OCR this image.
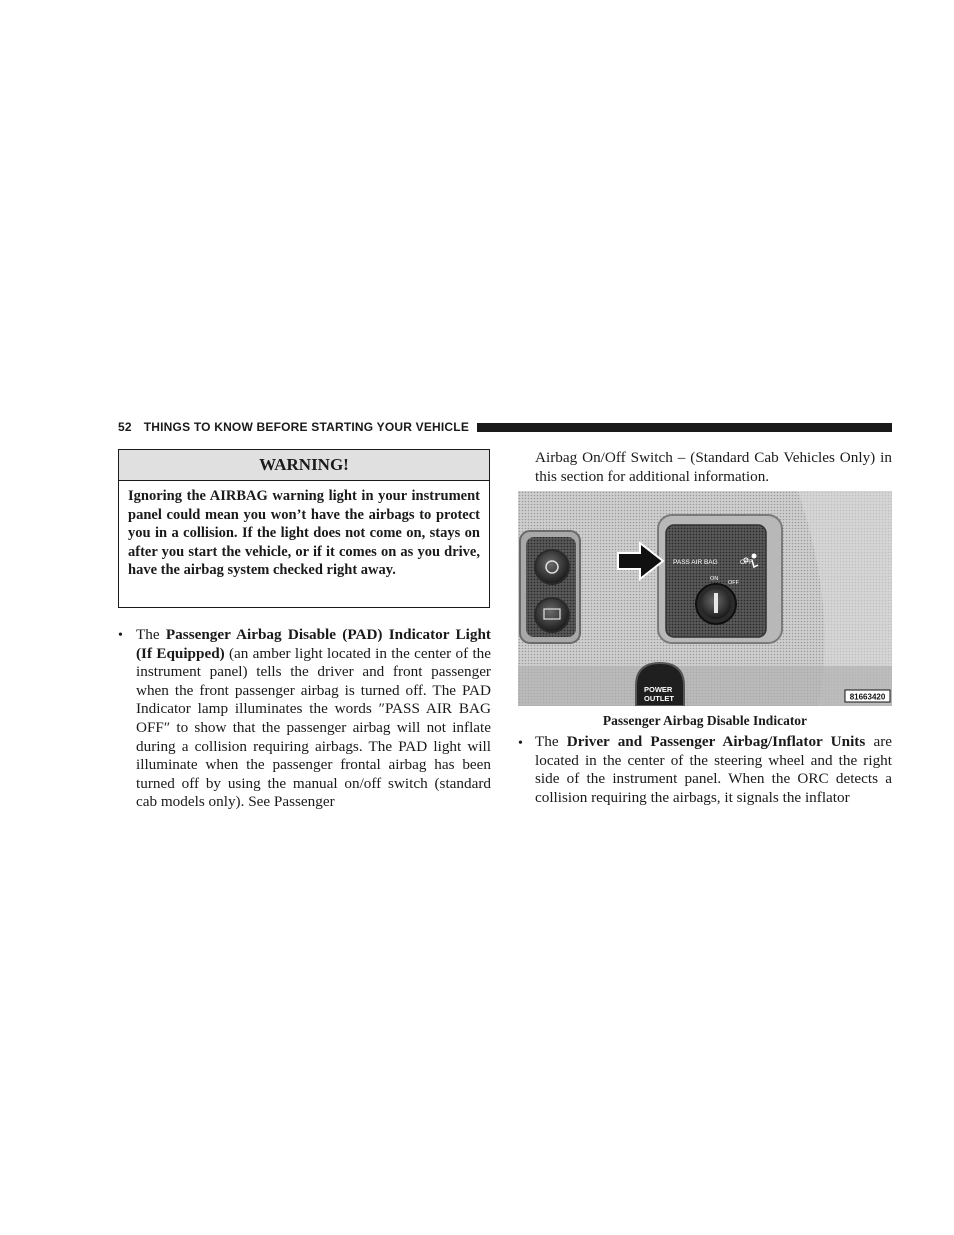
52 THINGS TO KNOW BEFORE STARTING YOUR VEHICLE
WARNING!
Ignoring the AIRBAG warning light in your instrument panel could mean you won’t have the airbags to protect you in a collision. If the light does not come on, stays on after you start the vehicle, or if it comes on as you drive, have the airbag system checked right away.
• The Passenger Airbag Disable (PAD) Indicator Light (If Equipped) (an amber light located in the center of the instrument panel) tells the driver and front passenger when the front passenger airbag is turned off. The PAD Indicator lamp illuminates the words ″PASS AIR BAG OFF″ to show that the passenger airbag will not inflate during a collision requiring airbags. The PAD light will illuminate when the passenger frontal airbag has been turned off by using the manual on/off switch (standard cab models only). See Passenger
Airbag On/Off Switch – (Standard Cab Vehicles Only) in this section for additional information.
PASS AIR BAG	OFF
ON
OFF
POWER
OUTLET	81663420
Passenger Airbag Disable Indicator
• The Driver and Passenger Airbag/Inflator Units are located in the center of the steering wheel and the right side of the instrument panel. When the ORC detects a collision requiring the airbags, it signals the inflator
